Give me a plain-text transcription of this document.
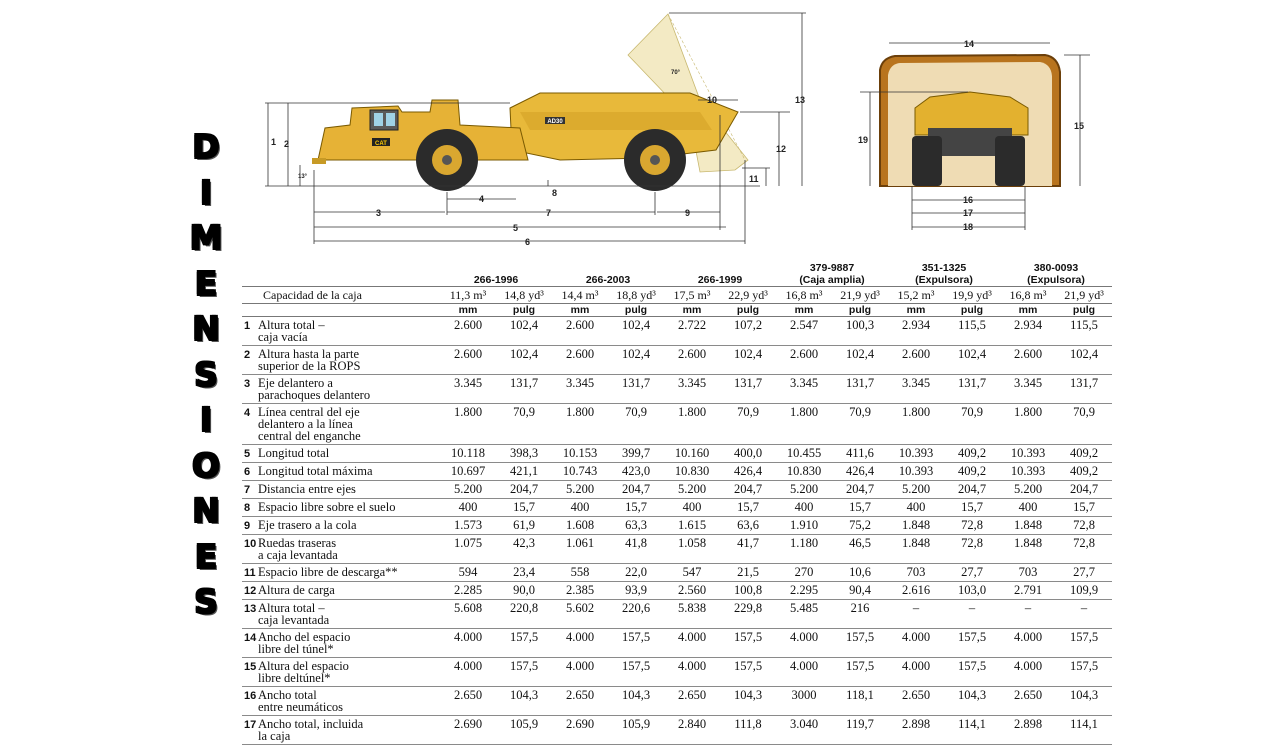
D
I
M
E
N
S
I
O
N
E
S
AD30
CAT
1 2
13°
3
4
7
5
6
8
9
10
11
12
13
70°
14
15
19
16
17
18
							379-9887		351-1325		380-0093	
	266-1996		266-2003		266-1999		(Caja amplia)		(Expulsora)		(Expulsora)	
Capacidad de la caja	11,3 m³	14,8 yd³	14,4 m³	18,8 yd³	17,5 m³	22,9 yd³	16,8 m³	21,9 yd³	15,2 m³	19,9 yd³	16,8 m³	21,9 yd³
	mm	pulg	mm	pulg	mm	pulg	mm	pulg	mm	pulg	mm	pulg
1 Altura total –
caja vacía	2.600	102,4	2.600	102,4	2.722	107,2	2.547	100,3	2.934	115,5	2.934	115,5
2 Altura hasta la parte
superior de la ROPS	2.600	102,4	2.600	102,4	2.600	102,4	2.600	102,4	2.600	102,4	2.600	102,4
3 Eje delantero a
parachoques delantero	3.345	131,7	3.345	131,7	3.345	131,7	3.345	131,7	3.345	131,7	3.345	131,7
4 Línea central del eje
delantero a la línea
central del enganche	1.800	70,9	1.800	70,9	1.800	70,9	1.800	70,9	1.800	70,9	1.800	70,9
5 Longitud total	10.118	398,3	10.153	399,7	10.160	400,0	10.455	411,6	10.393	409,2	10.393	409,2
6 Longitud total máxima	10.697	421,1	10.743	423,0	10.830	426,4	10.830	426,4	10.393	409,2	10.393	409,2
7 Distancia entre ejes	5.200	204,7	5.200	204,7	5.200	204,7	5.200	204,7	5.200	204,7	5.200	204,7
8 Espacio libre sobre el suelo	400	15,7	400	15,7	400	15,7	400	15,7	400	15,7	400	15,7
9 Eje trasero a la cola	1.573	61,9	1.608	63,3	1.615	63,6	1.910	75,2	1.848	72,8	1.848	72,8
10 Ruedas traseras
a caja levantada	1.075	42,3	1.061	41,8	1.058	41,7	1.180	46,5	1.848	72,8	1.848	72,8
11 Espacio libre de descarga**	594	23,4	558	22,0	547	21,5	270	10,6	703	27,7	703	27,7
12 Altura de carga	2.285	90,0	2.385	93,9	2.560	100,8	2.295	90,4	2.616	103,0	2.791	109,9
13 Altura total –
caja levantada	5.608	220,8	5.602	220,6	5.838	229,8	5.485	216	–	–	–	–
14 Ancho del espacio
libre del túnel*	4.000	157,5	4.000	157,5	4.000	157,5	4.000	157,5	4.000	157,5	4.000	157,5
15 Altura del espacio
libre deltúnel*	4.000	157,5	4.000	157,5	4.000	157,5	4.000	157,5	4.000	157,5	4.000	157,5
16 Ancho total
entre neumáticos	2.650	104,3	2.650	104,3	2.650	104,3	3000	118,1	2.650	104,3	2.650	104,3
17 Ancho total, incluida
la caja	2.690	105,9	2.690	105,9	2.840	111,8	3.040	119,7	2.898	114,1	2.898	114,1
